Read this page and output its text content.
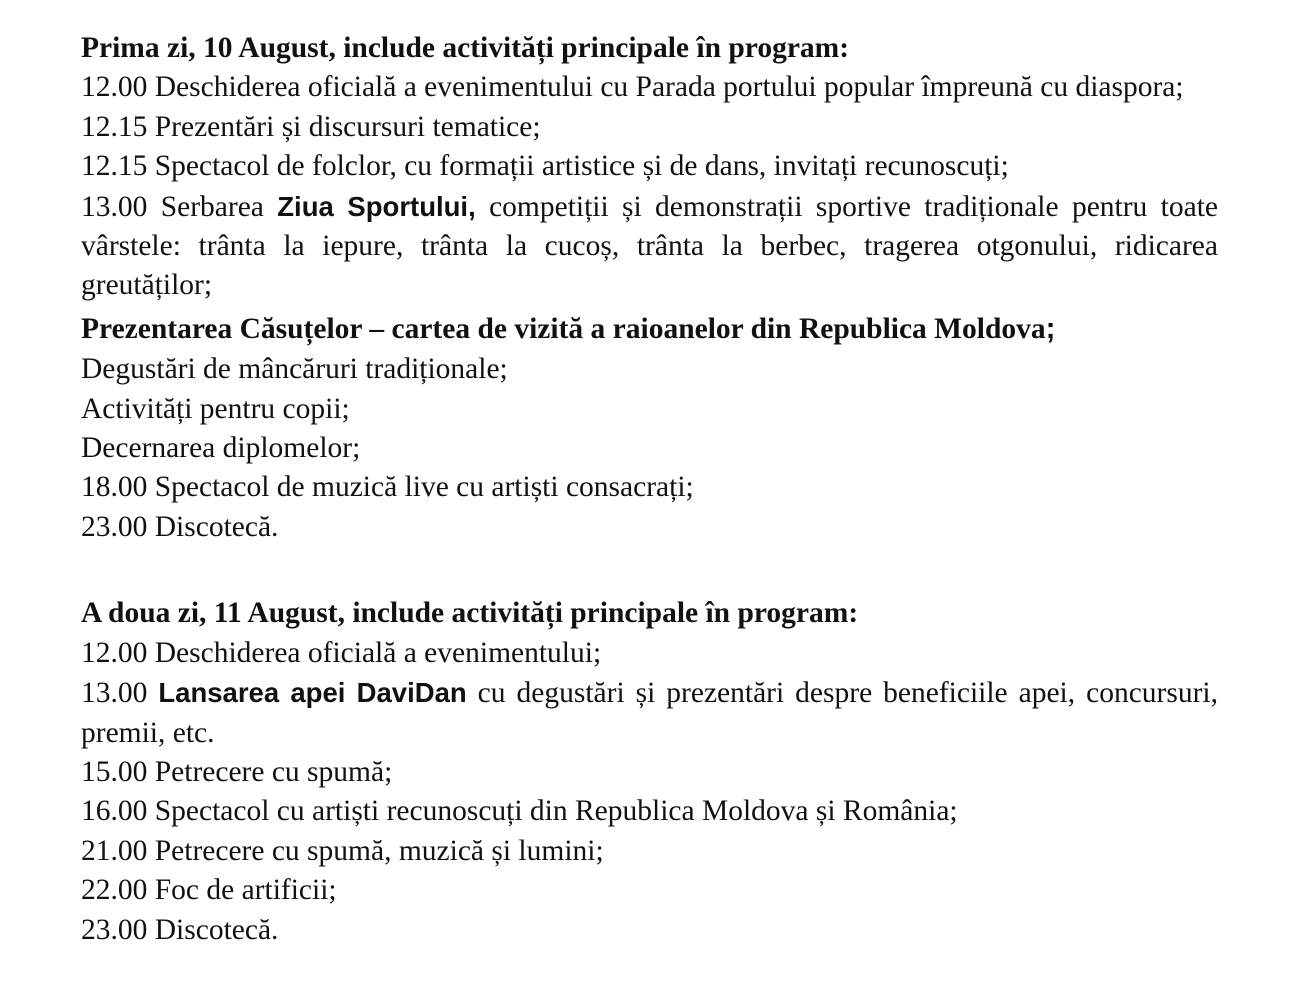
Prima zi, 10 August, include activități principale în program:
12.00 Deschiderea oficială a evenimentului cu Parada portului popular împreună cu diaspora;
12.15 Prezentări și discursuri tematice;
12.15 Spectacol de folclor, cu formații artistice și de dans, invitați recunoscuți;
13.00 Serbarea Ziua Sportului, competiții și demonstrații sportive tradiționale pentru toate vârstele: trânta la iepure, trânta la cucoș, trânta la berbec, tragerea otgonului, ridicarea greutăților;
Prezentarea Căsuțelor – cartea de vizită a raioanelor din Republica Moldova;
Degustări de mâncăruri tradiționale;
Activități pentru copii;
Decernarea diplomelor;
18.00 Spectacol de muzică live cu artiști consacrați;
23.00 Discotecă.
A doua zi, 11 August, include activități principale în program:
12.00 Deschiderea oficială a evenimentului;
13.00 Lansarea apei DaviDan cu degustări și prezentări despre beneficiile apei, concursuri, premii, etc.
15.00 Petrecere cu spumă;
16.00 Spectacol cu artiști recunoscuți din Republica Moldova și România;
21.00 Petrecere cu spumă, muzică și lumini;
22.00 Foc de artificii;
23.00 Discotecă.
